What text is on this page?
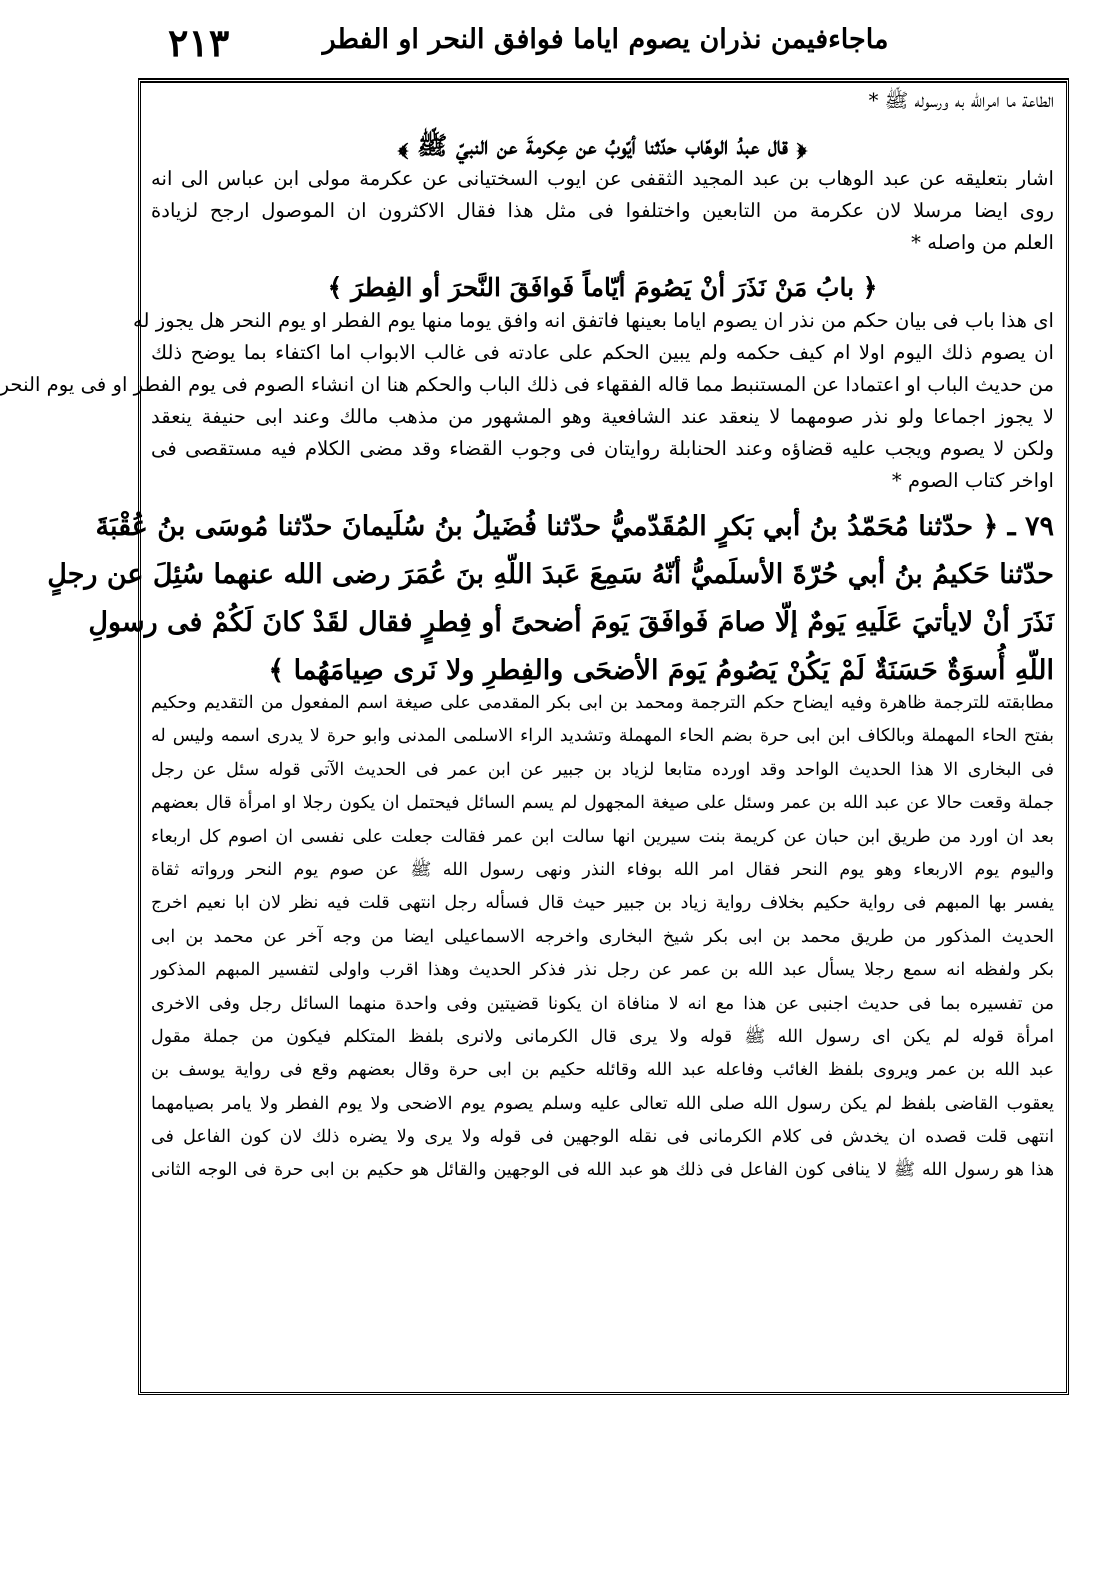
٢١٣	ماجاءفيمن نذران يصوم اياما فوافق النحر او الفطر
الطاعة ما امرالله به ورسوله ﷺ *
﴿ قال عبدُ الوهّاب حدّثنا أيّوبُ عن عِكرمةَ عن النبيّ ﷺ ﴾
اشار بتعليقه عن عبد الوهاب بن عبد المجيد الثقفى عن ايوب السختيانى عن عكرمة مولى ابن عباس الى انه
روى ايضا مرسلا لان عكرمة من التابعين واختلفوا فى مثل هذا فقال الاكثرون ان الموصول ارجح لزيادة
العلم من واصله *
﴿ بابُ مَنْ نَذَرَ أنْ يَصُومَ أيّاماً فَوافَقَ النَّحرَ أو الفِطرَ ﴾
اى هذا باب فى بيان حكم من نذر ان يصوم اياما بعينها فاتفق انه وافق يوما منها يوم الفطر او يوم النحر هل يجوز له
ان يصوم ذلك اليوم اولا ام كيف حكمه ولم يبين الحكم على عادته فى غالب الابواب اما اكتفاء بما يوضح ذلك
من حديث الباب او اعتمادا عن المستنبط مما قاله الفقهاء فى ذلك الباب والحكم هنا ان انشاء الصوم فى يوم الفطر او فى يوم النحر
لا يجوز اجماعا ولو نذر صومهما لا ينعقد عند الشافعية وهو المشهور من مذهب مالك وعند ابى حنيفة ينعقد
ولكن لا يصوم ويجب عليه قضاؤه وعند الحنابلة روايتان فى وجوب القضاء وقد مضى الكلام فيه مستقصى فى
اواخر كتاب الصوم *
٧٩ ـ ﴿ حدّثنا مُحَمّدُ بنُ أبي بَكرٍ المُقَدّميُّ حدّثنا فُضَيلُ بنُ سُلَيمانَ حدّثنا مُوسَى بنُ عُقْبَةَ
حدّثنا حَكيمُ بنُ أبي حُرّةَ الأسلَميُّ أنّهُ سَمِعَ عَبدَ اللّهِ بنَ عُمَرَ رضى الله عنهما سُئِلَ عن رجلٍ
نَذَرَ أنْ لايأتيَ عَلَيهِ يَومٌ إلّا صامَ فَوافَقَ يَومَ أضحىً أو فِطرٍ فقال لقَدْ كانَ لَكُمْ فى رسولِ
اللّهِ أُسوَةٌ حَسَنَةٌ لَمْ يَكُنْ يَصُومُ يَومَ الأضحَى والفِطرِ ولا نَرى صِيامَهُما ﴾
مطابقته للترجمة ظاهرة وفيه ايضاح حكم الترجمة ومحمد بن ابى بكر المقدمى على صيغة اسم المفعول من التقديم وحكيم
بفتح الحاء المهملة وبالكاف ابن ابى حرة بضم الحاء المهملة وتشديد الراء الاسلمى المدنى وابو حرة لا يدرى اسمه وليس له
فى البخارى الا هذا الحديث الواحد وقد اورده متابعا لزياد بن جبير عن ابن عمر فى الحديث الآتى قوله سئل عن رجل
جملة وقعت حالا عن عبد الله بن عمر وسئل على صيغة المجهول لم يسم السائل فيحتمل ان يكون رجلا او امرأة قال بعضهم
بعد ان اورد من طريق ابن حبان عن كريمة بنت سيرين انها سالت ابن عمر فقالت جعلت على نفسى ان اصوم كل اربعاء
واليوم يوم الاربعاء وهو يوم النحر فقال امر الله بوفاء النذر ونهى رسول الله ﷺ عن صوم يوم النحر ورواته ثقاة
يفسر بها المبهم فى رواية حكيم بخلاف رواية زياد بن جبير حيث قال فسأله رجل انتهى قلت فيه نظر لان ابا نعيم اخرج
الحديث المذكور من طريق محمد بن ابى بكر شيخ البخارى واخرجه الاسماعيلى ايضا من وجه آخر عن محمد بن ابى
بكر ولفظه انه سمع رجلا يسأل عبد الله بن عمر عن رجل نذر فذكر الحديث وهذا اقرب واولى لتفسير المبهم المذكور
من تفسيره بما فى حديث اجنبى عن هذا مع انه لا منافاة ان يكونا قضيتين وفى واحدة منهما السائل رجل وفى الاخرى
امرأة قوله لم يكن اى رسول الله ﷺ قوله ولا يرى قال الكرمانى ولانرى بلفظ المتكلم فيكون من جملة مقول
عبد الله بن عمر ويروى بلفظ الغائب وفاعله عبد الله وقائله حكيم بن ابى حرة وقال بعضهم وقع فى رواية يوسف بن
يعقوب القاضى بلفظ لم يكن رسول الله صلى الله تعالى عليه وسلم يصوم يوم الاضحى ولا يوم الفطر ولا يامر بصيامهما
انتهى قلت قصده ان يخدش فى كلام الكرمانى فى نقله الوجهين فى قوله ولا يرى ولا يضره ذلك لان كون الفاعل فى
هذا هو رسول الله ﷺ لا ينافى كون الفاعل فى ذلك هو عبد الله فى الوجهين والقائل هو حكيم بن ابى حرة فى الوجه الثانى
